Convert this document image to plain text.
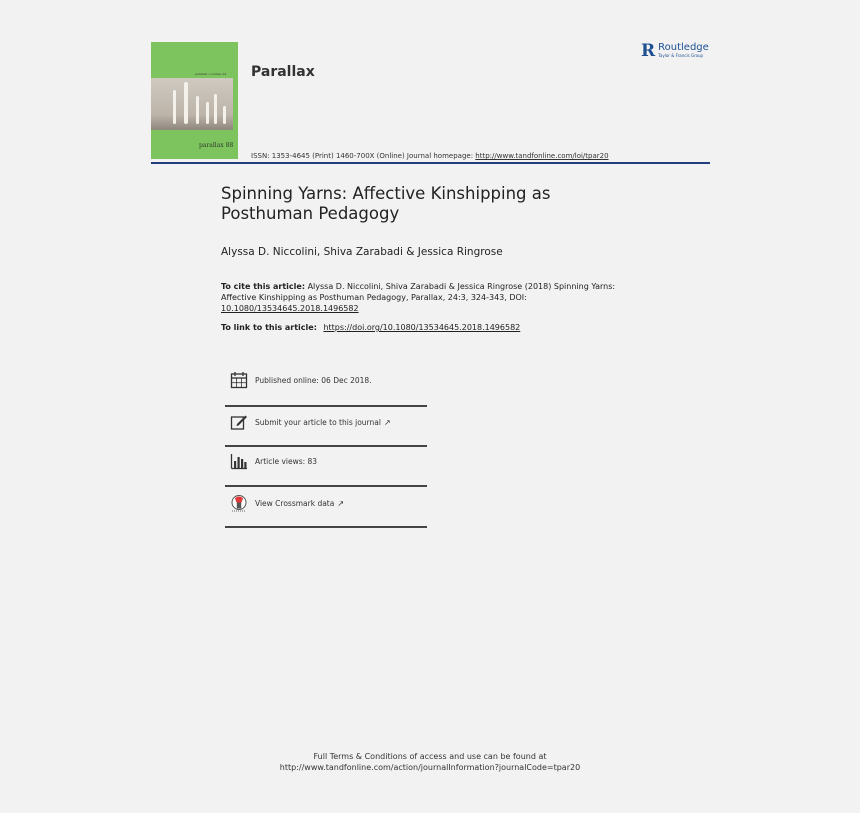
parallax / volume 24
parallax 88
Parallax
R Routledge
Taylor & Francis Group
ISSN: 1353-4645 (Print) 1460-700X (Online) Journal homepage: http://www.tandfonline.com/loi/tpar20
Spinning Yarns: Affective Kinshipping as Posthuman Pedagogy
Alyssa D. Niccolini, Shiva Zarabadi & Jessica Ringrose
To cite this article: Alyssa D. Niccolini, Shiva Zarabadi & Jessica Ringrose (2018) Spinning Yarns: Affective Kinshipping as Posthuman Pedagogy, Parallax, 24:3, 324-343, DOI: 10.1080/13534645.2018.1496582
To link to this article: https://doi.org/10.1080/13534645.2018.1496582
Published online: 06 Dec 2018.
Submit your article to this journal ↗
Article views: 83
View Crossmark data ↗
Full Terms & Conditions of access and use can be found at
http://www.tandfonline.com/action/journalInformation?journalCode=tpar20
